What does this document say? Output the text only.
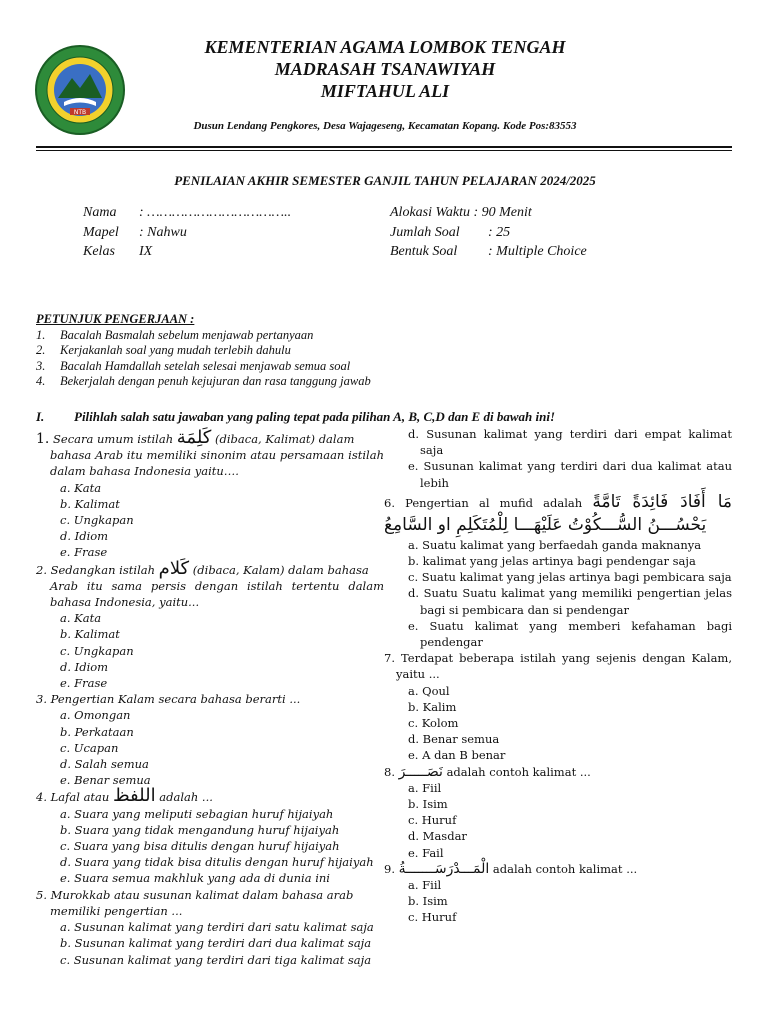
NTB
KEMENTERIAN AGAMA LOMBOK TENGAH
MADRASAH TSANAWIYAH
MIFTAHUL ALI
Dusun Lendang Pengkores, Desa Wajageseng, Kecamatan Kopang. Kode Pos:83553
PENILAIAN AKHIR SEMESTER GANJIL TAHUN PELAJARAN 2024/2025
Nama : ……………………………..
Mapel : Nahwu
Kelas IX
Alokasi Waktu : 90 Menit
Jumlah Soal : 25
Bentuk Soal : Multiple Choice
PETUNJUK PENGERJAAN :
1.	Bacalah Basmalah sebelum menjawab pertanyaan
2.	Kerjakanlah soal yang mudah terlebih dahulu
3.	Bacalah Hamdallah setelah selesai menjawab semua soal
4.	Bekerjalah dengan penuh kejujuran dan rasa tanggung jawab
I. Pilihlah salah satu jawaban yang paling tepat pada pilihan A, B, C,D dan E di bawah ini!
1. Secara umum istilah كَلِمَة (dibaca, Kalimat) dalam
bahasa Arab itu memiliki sinonim atau persamaan istilah dalam bahasa Indonesia yaitu….
a. Kata
b. Kalimat
c. Ungkapan
d. Idiom
e. Frase
2. Sedangkan istilah كَلام (dibaca, Kalam) dalam bahasa
Arab itu sama persis dengan istilah tertentu dalam bahasa Indonesia, yaitu...
a. Kata
b. Kalimat
c. Ungkapan
d. Idiom
e. Frase
3. Pengertian Kalam secara bahasa berarti ...
a. Omongan
b. Perkataan
c. Ucapan
d. Salah semua
e. Benar semua
4. Lafal atau اللفظ adalah ...
a. Suara yang meliputi sebagian huruf hijaiyah
b. Suara yang tidak mengandung huruf hijaiyah
c. Suara yang bisa ditulis dengan huruf hijaiyah
d. Suara yang tidak bisa ditulis dengan huruf hijaiyah
e. Suara semua makhluk yang ada di dunia ini
5. Murokkab atau susunan kalimat dalam bahasa arab
memiliki pengertian ...
a. Susunan kalimat yang terdiri dari satu kalimat saja
b. Susunan kalimat yang terdiri dari dua kalimat saja
c. Susunan kalimat yang terdiri dari tiga kalimat saja
d. Susunan kalimat yang terdiri dari empat kalimat saja
e. Susunan kalimat yang terdiri dari dua kalimat atau lebih
6. Pengertian al mufid adalah مَا أَفَادَ فَائِدَةً تَامَّةً يَحْسُـــنُ السُّـــكُوْتُ عَلَيْهَـــا لِلْمُتَكَلِمِ او السَّامِعُ
a. Suatu kalimat yang berfaedah ganda maknanya
b. kalimat yang jelas artinya bagi pendengar saja
c. Suatu kalimat yang jelas artinya bagi pembicara saja
d. Suatu Suatu kalimat yang memiliki pengertian jelas bagi si pembicara dan si pendengar
e. Suatu kalimat yang memberi kefahaman bagi pendengar
7. Terdapat beberapa istilah yang sejenis dengan Kalam, yaitu ...
a. Qoul
b. Kalim
c. Kolom
d. Benar semua
e. A dan B benar
8. نَصَـــــرَ adalah contoh kalimat ...
a. Fiil
b. Isim
c. Huruf
d. Masdar
e. Fail
9. الْمَـــدْرَسَـــــــةُ adalah contoh kalimat ...
a. Fiil
b. Isim
c. Huruf
